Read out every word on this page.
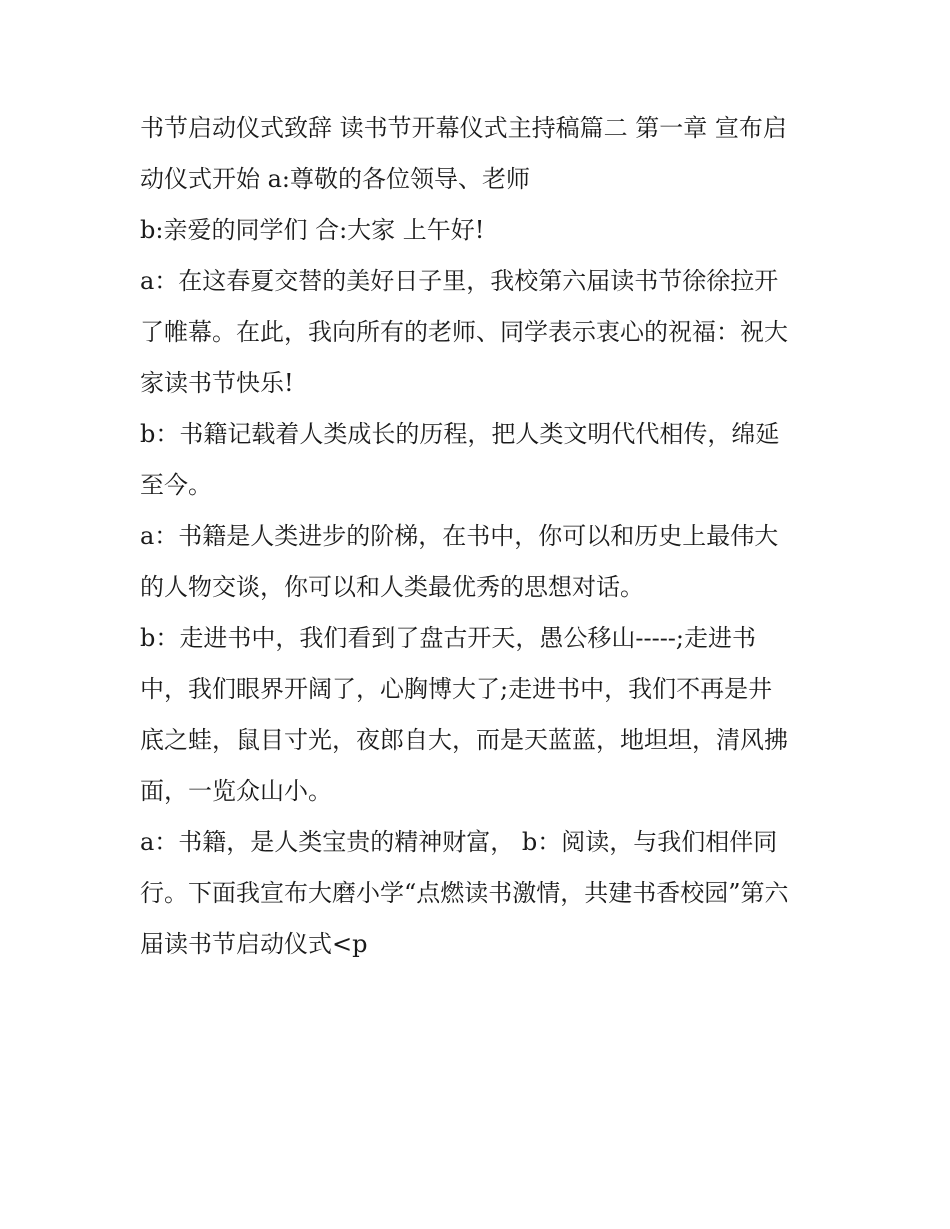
书节启动仪式致辞 读书节开幕仪式主持稿篇二 第一章 宣布启
动仪式开始 a:尊敬的各位领导、老师
b:亲爱的同学们 合:大家 上午好!
a：在这春夏交替的美好日子里，我校第六届读书节徐徐拉开
了帷幕。在此，我向所有的老师、同学表示衷心的祝福：祝大
家读书节快乐!
b：书籍记载着人类成长的历程，把人类文明代代相传，绵延
至今。
a：书籍是人类进步的阶梯，在书中，你可以和历史上最伟大
的人物交谈，你可以和人类最优秀的思想对话。
b：走进书中，我们看到了盘古开天，愚公移山-----;走进书
中，我们眼界开阔了，心胸博大了;走进书中，我们不再是井
底之蛙，鼠目寸光，夜郎自大，而是天蓝蓝，地坦坦，清风拂
面，一览众山小。
a：书籍，是人类宝贵的精神财富， b：阅读，与我们相伴同
行。下面我宣布大磨小学“点燃读书激情，共建书香校园”第六
届读书节启动仪式<p
